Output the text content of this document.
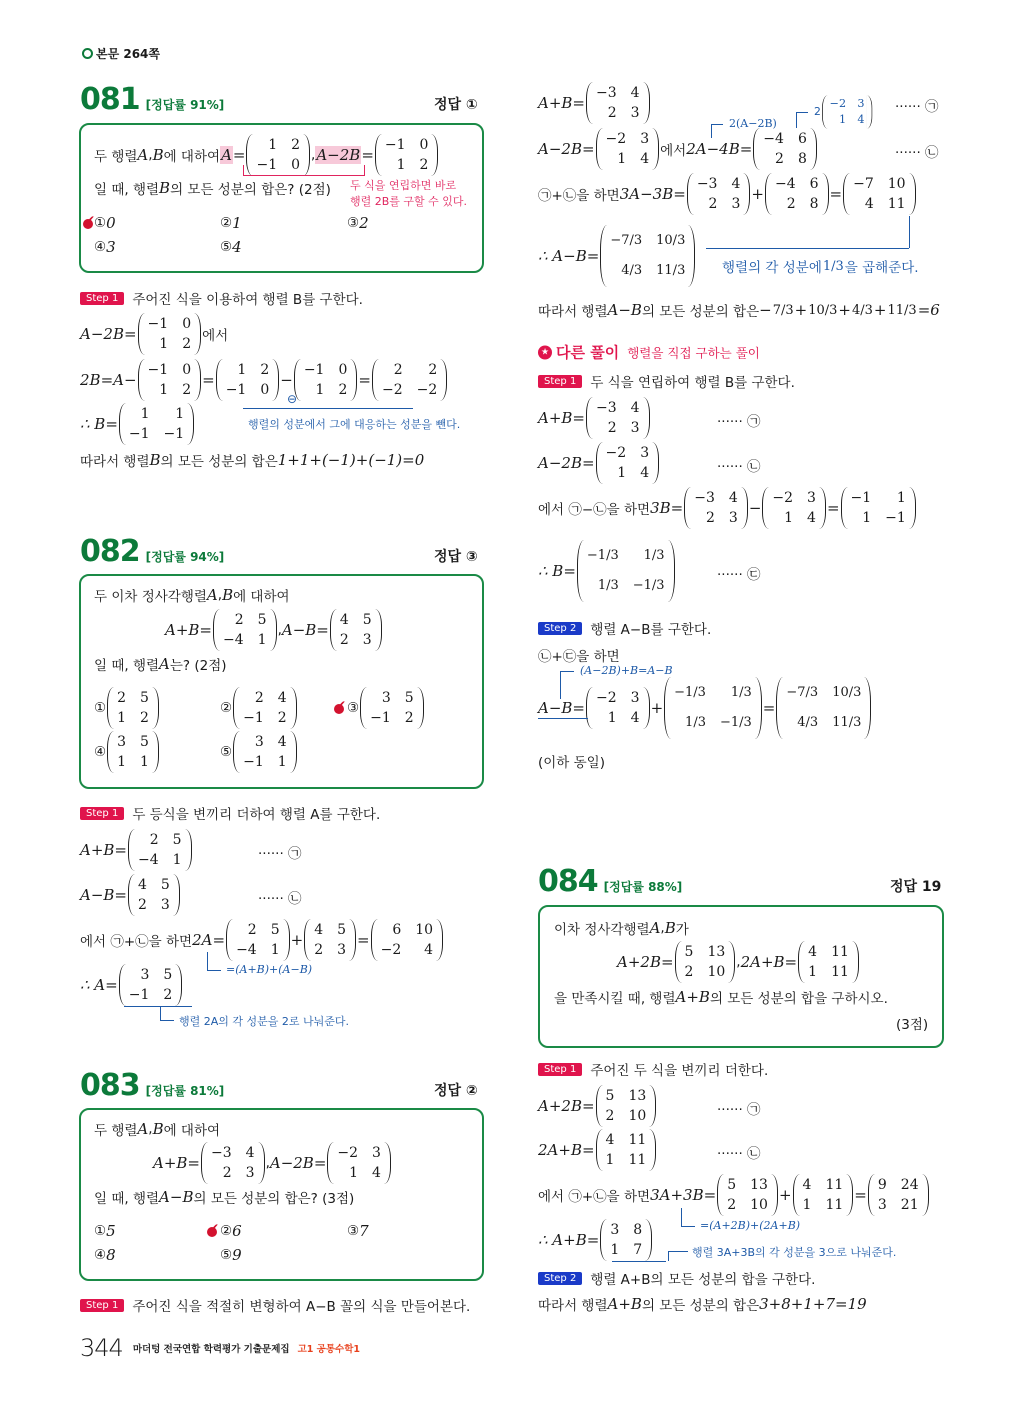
본문 264쪽
081 [정답률 91%]	정답 ①
두 행렬 A , B 에 대하여 A =
1 2
−1 0
, A−2B =
−1 0
1 2
일 때, 행렬 B 의 모든 성분의 합은? (2점) 두 식을 연립하면 바로
행렬 2B를 구할 수 있다.
① 0 ✔	② 1	③ 2
④ 3	⑤ 4
Step 1	주어진 식을 이용하여 행렬 B를 구한다.
A−2B=
−1 0
1 2 에서
2B=A−
−1 0
1 2
=
1 2
−1 0
−
−1 0
1 2
=
2	2
−2 −2
⊖
행렬의 성분에서 그에 대응하는 성분을 뺀다.
∴ B=
1	1
−1 −1
따라서 행렬 B 의 모든 성분의 합은 1+1+(−1)+(−1)=0
082 [정답률 94%]	정답 ③
두 이차 정사각행렬 A , B 에 대하여
A+B=
2 5
−4 1
, A−B=
4 5
2 3
일 때, 행렬 A 는? (2점)
①
2 5
1 2
②
2 4
−1 2
③
3 5
−1 2
✔
④
3 5
1 1
⑤
3 4
−1 1
Step 1	두 등식을 변끼리 더하여 행렬 A를 구한다.
A+B=
2 5
−4 1	······ ㉠
A−B=
4 5
2 3	······ ㉡
에서 ㉠+㉡을 하면 2A=
2 5
−4 1
+
4 5
2 3
=
6 10
−2	4
=(A+B)+(A−B)
∴ A=
3 5
−1 2
행렬 2A의 각 성분을 2로 나눠준다.
083 [정답률 81%]	정답 ②
두 행렬 A , B 에 대하여
A+B=
−3 4
2 3
, A−2B=
−2 3
1 4
일 때, 행렬 A−B 의 모든 성분의 합은? (3점)
① 5	② 6 ✔	③ 7
④ 8	⑤ 9
Step 1	주어진 식을 적절히 변형하여 A−B 꼴의 식을 만들어본다.
A+B=
−3 4
2 3	······ ㉠
A−2B=
−2 3
1 4 에서 2A−4B=
−4 6
2 8	······ ㉡
2(A−2B)
2
−2 3
1 4
㉠+㉡을 하면 3A−3B=
−3 4
2 3
+
−4 6
2 8
=
−7 10
4 11
∴ A−B=
−7/3 10/3
4/3 11/3	행렬의 각 성분에 1/3 을 곱해준다.
따라서 행렬 A−B 의 모든 성분의 합은 − 7/3 + 10/3 + 4/3 + 11/3 =6
★ 다른 풀이 행렬을 직접 구하는 풀이
Step 1	두 식을 연립하여 행렬 B를 구한다.
A+B=
−3 4
2 3	······ ㉠
A−2B=
−2 3
1 4	······ ㉡
에서 ㉠−㉡을 하면 3B=
−3 4
2 3
−
−2 3
1 4
=
−1	1
1 −1
∴ B=
−1/3	1/3
1/3 −1/3
······ ㉢
Step 2	행렬 A−B를 구한다.
㉡+㉢을 하면
(A−2B)+B=A−B
A−B=
−2 3
1 4
+
−1/3	1/3
1/3 −1/3
=
−7/3 10/3
4/3 11/3
(이하 동일)
084 [정답률 88%]	정답 19
이차 정사각행렬 A , B 가
A+2B=
5 13
2 10
, 2A+B=
4 11
1 11
을 만족시킬 때, 행렬 A+B 의 모든 성분의 합을 구하시오.
(3점)
Step 1	주어진 두 식을 변끼리 더한다.
A+2B=
5 13
2 10	······ ㉠
2A+B=
4 11
1 11	······ ㉡
에서 ㉠+㉡을 하면 3A+3B=
5 13
2 10
+
4 11
1 11
=
9 24
3 21
=(A+2B)+(2A+B)
∴ A+B=
3 8
1 7	행렬 3A+3B의 각 성분을 3으로 나눠준다.
Step 2	행렬 A+B의 모든 성분의 합을 구한다.
따라서 행렬 A+B 의 모든 성분의 합은 3+8+1+7=19
344 마더텅 전국연합 학력평가 기출문제집 고1 공통수학1
